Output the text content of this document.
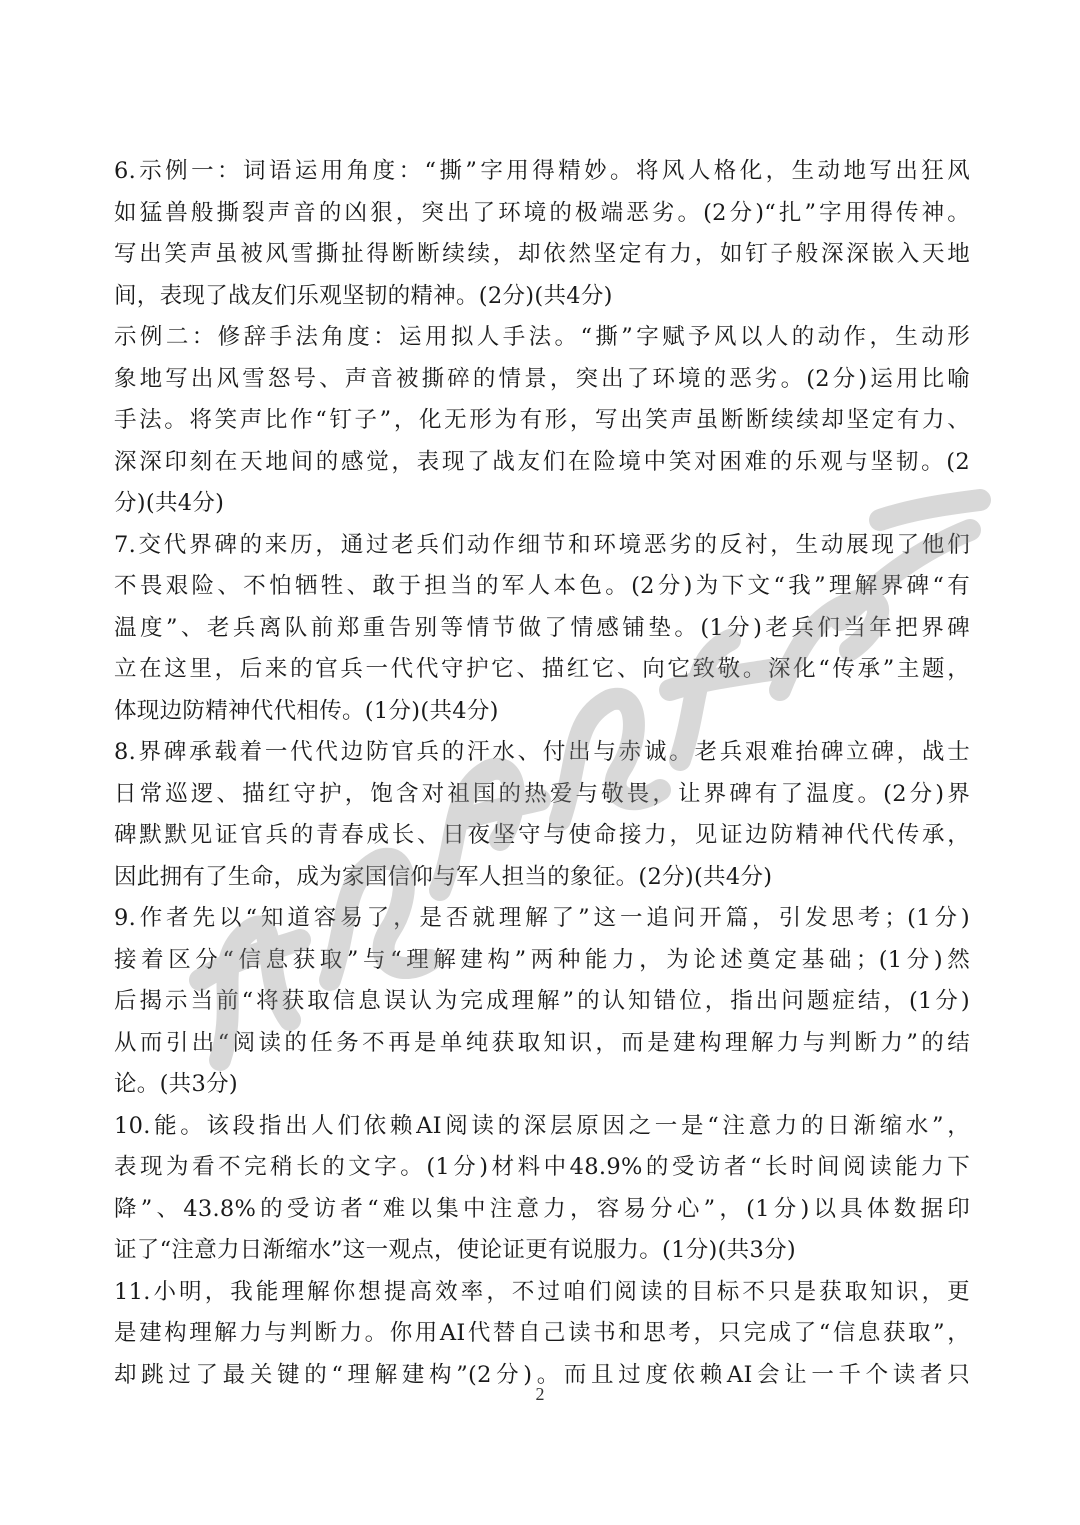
6.示例一：词语运用角度：“撕”字用得精妙。将风人格化，生动地写出狂风
如猛兽般撕裂声音的凶狠，突出了环境的极端恶劣。(2分)“扎”字用得传神。
写出笑声虽被风雪撕扯得断断续续，却依然坚定有力，如钉子般深深嵌入天地
间，表现了战友们乐观坚韧的精神。(2分)(共4分)
示例二：修辞手法角度：运用拟人手法。“撕”字赋予风以人的动作，生动形
象地写出风雪怒号、声音被撕碎的情景，突出了环境的恶劣。(2分)运用比喻
手法。将笑声比作“钉子”，化无形为有形，写出笑声虽断断续续却坚定有力、
深深印刻在天地间的感觉，表现了战友们在险境中笑对困难的乐观与坚韧。(2
分)(共4分)
7.交代界碑的来历，通过老兵们动作细节和环境恶劣的反衬，生动展现了他们
不畏艰险、不怕牺牲、敢于担当的军人本色。(2分)为下文“我”理解界碑“有
温度”、老兵离队前郑重告别等情节做了情感铺垫。(1分)老兵们当年把界碑
立在这里，后来的官兵一代代守护它、描红它、向它致敬。深化“传承”主题，
体现边防精神代代相传。(1分)(共4分)
8.界碑承载着一代代边防官兵的汗水、付出与赤诚。老兵艰难抬碑立碑，战士
日常巡逻、描红守护，饱含对祖国的热爱与敬畏，让界碑有了温度。(2分)界
碑默默见证官兵的青春成长、日夜坚守与使命接力，见证边防精神代代传承，
因此拥有了生命，成为家国信仰与军人担当的象征。(2分)(共4分)
9.作者先以“知道容易了，是否就理解了”这一追问开篇，引发思考；(1分)
接着区分“信息获取”与“理解建构”两种能力，为论述奠定基础；(1分)然
后揭示当前“将获取信息误认为完成理解”的认知错位，指出问题症结，(1分)
从而引出“阅读的任务不再是单纯获取知识，而是建构理解力与判断力”的结
论。(共3分)
10.能。该段指出人们依赖AI阅读的深层原因之一是“注意力的日渐缩水”，
表现为看不完稍长的文字。(1分)材料中48.9%的受访者“长时间阅读能力下
降”、43.8%的受访者“难以集中注意力，容易分心”，(1分)以具体数据印
证了“注意力日渐缩水”这一观点，使论证更有说服力。(1分)(共3分)
11.小明，我能理解你想提高效率，不过咱们阅读的目标不只是获取知识，更
是建构理解力与判断力。你用AI代替自己读书和思考，只完成了“信息获取”，
却跳过了最关键的“理解建构”(2分)。而且过度依赖AI会让一千个读者只
2
